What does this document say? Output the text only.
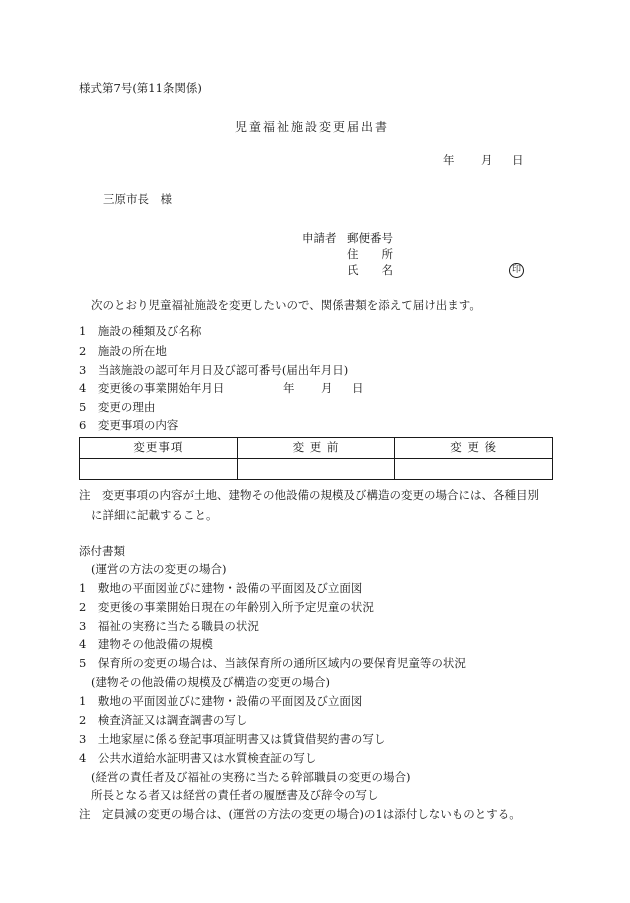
様式第7号(第11条関係)
児童福祉施設変更届出書
年 月 日
三原市長　様
申請者 郵便番号
住　　所
氏　　名	印
次のとおり児童福祉施設を変更したいので、関係書類を添えて届け出ます。
1　施設の種類及び名称
2　施設の所在地
3　当該施設の認可年月日及び認可番号(届出年月日)
4　変更後の事業開始年月日	年 月 日
5　変更の理由
6　変更事項の内容
変更事項	変 更 前	変 更 後

注　変更事項の内容が土地、建物その他設備の規模及び構造の変更の場合には、各種目別
に詳細に記載すること。
添付書類
(運営の方法の変更の場合)
1　敷地の平面図並びに建物・設備の平面図及び立面図
2　変更後の事業開始日現在の年齢別入所予定児童の状況
3　福祉の実務に当たる職員の状況
4　建物その他設備の規模
5　保育所の変更の場合は、当該保育所の通所区域内の要保育児童等の状況
(建物その他設備の規模及び構造の変更の場合)
1　敷地の平面図並びに建物・設備の平面図及び立面図
2　検査済証又は調査調書の写し
3　土地家屋に係る登記事項証明書又は賃貸借契約書の写し
4　公共水道給水証明書又は水質検査証の写し
(経営の責任者及び福祉の実務に当たる幹部職員の変更の場合)
所長となる者又は経営の責任者の履歴書及び辞令の写し
注　定員減の変更の場合は、(運営の方法の変更の場合)の1は添付しないものとする。
